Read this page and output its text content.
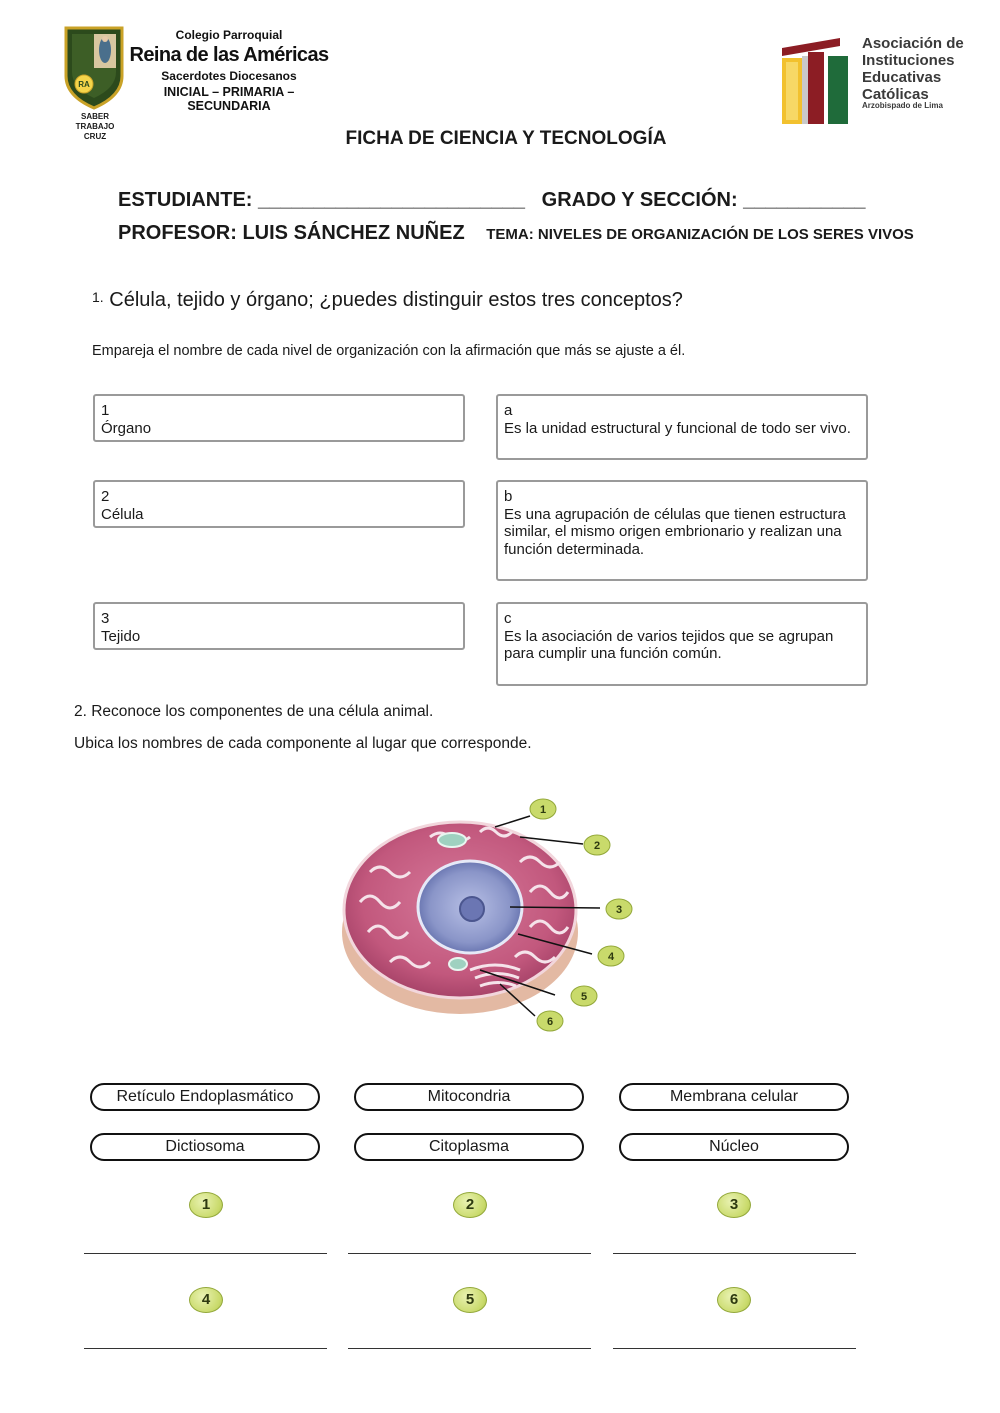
RA
SABER
TRABAJO
CRUZ
Colegio Parroquial
Reina de las Américas
Sacerdotes Diocesanos
INICIAL – PRIMARIA – SECUNDARIA
Asociación de
Instituciones
Educativas
Católicas
Arzobispado de Lima
FICHA DE CIENCIA Y TECNOLOGÍA
ESTUDIANTE: ________________________ GRADO Y SECCIÓN: ___________
PROFESOR: LUIS SÁNCHEZ NUÑEZ TEMA: NIVELES DE ORGANIZACIÓN DE LOS SERES VIVOS
$^{1.}$ Célula, tejido y órgano; ¿puedes distinguir estos tres conceptos?
Empareja el nombre de cada nivel de organización con la afirmación que más se ajuste a él.
1
Órgano
2
Célula
3
Tejido
a
Es la unidad estructural y funcional de todo ser vivo.
b
Es una agrupación de células que tienen estructura similar, el mismo origen embrionario y realizan una función determinada.
c
Es la asociación de varios tejidos que se agrupan para cumplir una función común.
2. Reconoce los componentes de una célula animal.
Ubica los nombres de cada componente al lugar que corresponde.
1
2
3
4
5
6
Retículo Endoplasmático	Mitocondria	Membrana celular
Dictiosoma	Citoplasma	Núcleo
1	2	3
4	5	6
